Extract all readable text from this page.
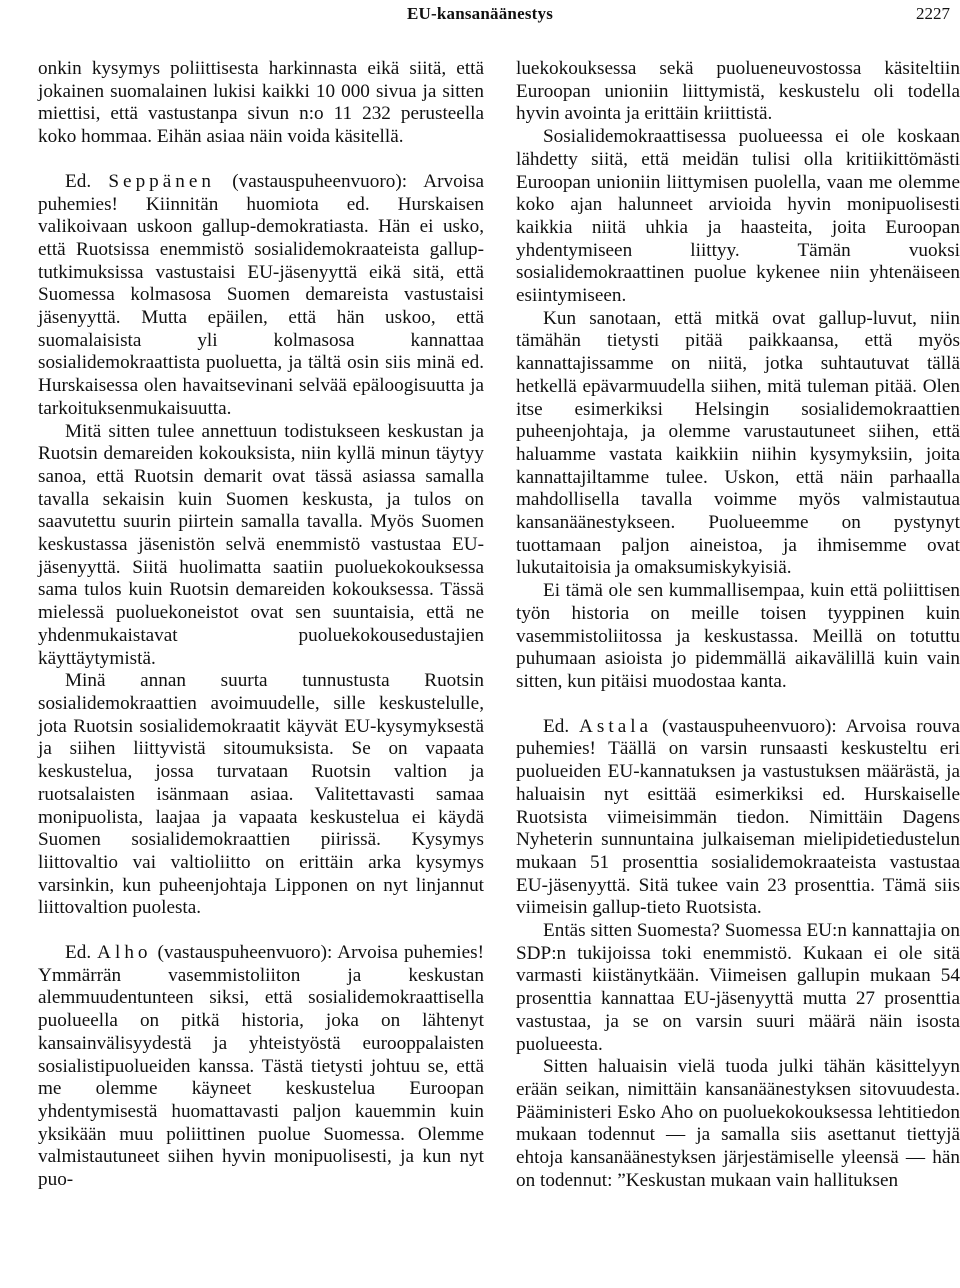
EU-kansanäänestys	2227

onkin kysymys poliittisesta harkinnasta eikä siitä, että jokainen suomalainen lukisi kaikki 10 000 sivua ja sitten miettisi, että vastustanpa sivun n:o 11 232 perusteella koko hommaa. Eihän asiaa näin voida käsitellä.

Ed. Seppänen (vastauspuheenvuoro): Arvoisa puhemies! Kiinnitän huomiota ed. Hurskaisen valikoivaan uskoon gallup-demokratiasta. Hän ei usko, että Ruotsissa enemmistö sosialidemokraateista gallup-tutkimuksissa vastustaisi EU-jäsenyyttä eikä sitä, että Suomessa kolmasosa Suomen demareista vastustaisi jäsenyyttä. Mutta epäilen, että hän uskoo, että suomalaisista yli kolmasosa kannattaa sosialidemokraattista puoluetta, ja tältä osin siis minä ed. Hurskaisessa olen havaitsevinani selvää epäloogisuutta ja tarkoituksenmukaisuutta.

Mitä sitten tulee annettuun todistukseen keskustan ja Ruotsin demareiden kokouksista, niin kyllä minun täytyy sanoa, että Ruotsin demarit ovat tässä asiassa samalla tavalla sekaisin kuin Suomen keskusta, ja tulos on saavutettu suurin piirtein samalla tavalla. Myös Suomen keskustassa jäsenistön selvä enemmistö vastustaa EU-jäsenyyttä. Siitä huolimatta saatiin puoluekokouksessa sama tulos kuin Ruotsin demareiden kokouksessa. Tässä mielessä puoluekoneistot ovat sen suuntaisia, että ne yhdenmukaistavat puoluekokousedustajien käyttäytymistä.

Minä annan suurta tunnustusta Ruotsin sosialidemokraattien avoimuudelle, sille keskustelulle, jota Ruotsin sosialidemokraatit käyvät EU-kysymyksestä ja siihen liittyvistä sitoumuksista. Se on vapaata keskustelua, jossa turvataan Ruotsin valtion ja ruotsalaisten isänmaan asiaa. Valitettavasti samaa monipuolista, laajaa ja vapaata keskustelua ei käydä Suomen sosialidemokraattien piirissä. Kysymys liittovaltio vai valtioliitto on erittäin arka kysymys varsinkin, kun puheenjohtaja Lipponen on nyt linjannut liittovaltion puolesta.

Ed. Alho (vastauspuheenvuoro): Arvoisa puhemies! Ymmärrän vasemmistoliiton ja keskustan alemmuudentunteen siksi, että sosialidemokraattisella puolueella on pitkä historia, joka on lähtenyt kansainvälisyydestä ja yhteistyöstä eurooppalaisten sosialistipuolueiden kanssa. Tästä tietysti johtuu se, että me olemme käyneet keskustelua Euroopan yhdentymisestä huomattavasti paljon kauemmin kuin yksikään muu poliittinen puolue Suomessa. Olemme valmistautuneet siihen hyvin monipuolisesti, ja kun nyt puo-

luekokouksessa sekä puolueneuvostossa käsiteltiin Euroopan unioniin liittymistä, keskustelu oli todella hyvin avointa ja erittäin kriittistä.

Sosialidemokraattisessa puolueessa ei ole koskaan lähdetty siitä, että meidän tulisi olla kritiikittömästi Euroopan unioniin liittymisen puolella, vaan me olemme koko ajan halunneet arvioida hyvin monipuolisesti kaikkia niitä uhkia ja haasteita, joita Euroopan yhdentymiseen liittyy. Tämän vuoksi sosialidemokraattinen puolue kykenee niin yhtenäiseen esiintymiseen.

Kun sanotaan, että mitkä ovat gallup-luvut, niin tämähän tietysti pitää paikkaansa, että myös kannattajissamme on niitä, jotka suhtautuvat tällä hetkellä epävarmuudella siihen, mitä tuleman pitää. Olen itse esimerkiksi Helsingin sosialidemokraattien puheenjohtaja, ja olemme varustautuneet siihen, että haluamme vastata kaikkiin niihin kysymyksiin, joita kannattajiltamme tulee. Uskon, että näin parhaalla mahdollisella tavalla voimme myös valmistautua kansanäänestykseen. Puolueemme on pystynyt tuottamaan paljon aineistoa, ja ihmisemme ovat lukutaitoisia ja omaksumiskykyisiä.

Ei tämä ole sen kummallisempaa, kuin että poliittisen työn historia on meille toisen tyyppinen kuin vasemmistoliitossa ja keskustassa. Meillä on totuttu puhumaan asioista jo pidemmällä aikavälillä kuin vain sitten, kun pitäisi muodostaa kanta.

Ed. Astala (vastauspuheenvuoro): Arvoisa rouva puhemies! Täällä on varsin runsaasti keskusteltu eri puolueiden EU-kannatuksen ja vastustuksen määrästä, ja haluaisin nyt esittää esimerkiksi ed. Hurskaiselle Ruotsista viimeisimmän tiedon. Nimittäin Dagens Nyheterin sunnuntaina julkaiseman mielipidetiedustelun mukaan 51 prosenttia sosialidemokraateista vastustaa EU-jäsenyyttä. Sitä tukee vain 23 prosenttia. Tämä siis viimeisin gallup-tieto Ruotsista.

Entäs sitten Suomesta? Suomessa EU:n kannattajia on SDP:n tukijoissa toki enemmistö. Kukaan ei ole sitä varmasti kiistänytkään. Viimeisen gallupin mukaan 54 prosenttia kannattaa EU-jäsenyyttä mutta 27 prosenttia vastustaa, ja se on varsin suuri määrä näin isosta puolueesta.

Sitten haluaisin vielä tuoda julki tähän käsittelyyn erään seikan, nimittäin kansanäänestyksen sitovuudesta. Pääministeri Esko Aho on puoluekokouksessa lehtitiedon mukaan todennut — ja samalla siis asettanut tiettyjä ehtoja kansanäänestyksen järjestämiselle yleensä — hän on todennut: ”Keskustan mukaan vain hallituksen
